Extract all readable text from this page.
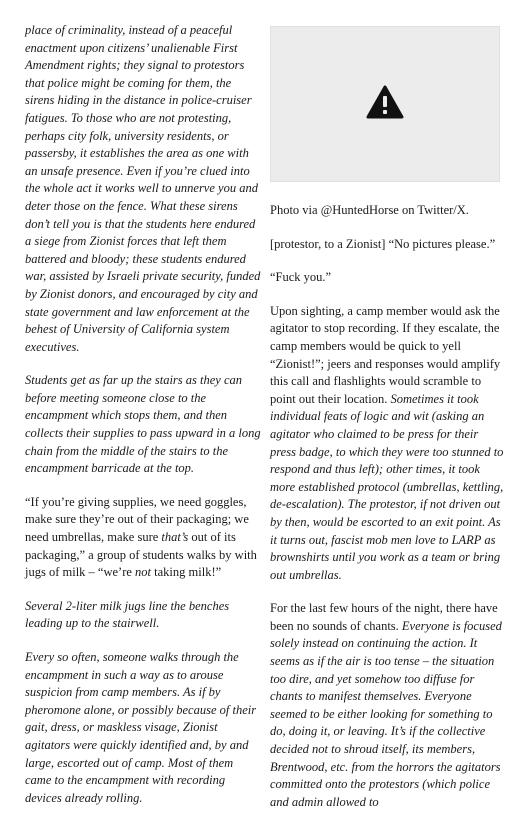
place of criminality, instead of a peaceful enactment upon citizens’ unalienable First Amendment rights; they signal to protestors that police might be coming for them, the sirens hiding in the distance in police-cruiser fatigues. To those who are not protesting, perhaps city folk, university residents, or passersby, it establishes the area as one with an unsafe presence. Even if you’re clued into the whole act it works well to unnerve you and deter those on the fence. What these sirens don’t tell you is that the students here endured a siege from Zionist forces that left them battered and bloody; these students endured war, assisted by Israeli private security, funded by Zionist donors, and encouraged by city and state government and law enforcement at the behest of University of California system executives.

Students get as far up the stairs as they can before meeting someone close to the encampment which stops them, and then collects their supplies to pass upward in a long chain from the middle of the stairs to the encampment barricade at the top.

“If you’re giving supplies, we need goggles, make sure they’re out of their packaging; we need umbrellas, make sure that’s out of its packaging,” a group of students walks by with jugs of milk – “we’re not taking milk!”

Several 2-liter milk jugs line the benches leading up to the stairwell.

Every so often, someone walks through the encampment in such a way as to arouse suspicion from camp members. As if by pheromone alone, or possibly because of their gait, dress, or maskless visage, Zionist agitators were quickly identified and, by and large, escorted out of camp. Most of them came to the encampment with recording devices already rolling.

Photo via @HuntedHorse on Twitter/X.

[protestor, to a Zionist] “No pictures please.”

“Fuck you.”

Upon sighting, a camp member would ask the agitator to stop recording. If they escalate, the camp members would be quick to yell “Zionist!”; jeers and responses would amplify this call and flashlights would scramble to point out their location. Sometimes it took individual feats of logic and wit (asking an agitator who claimed to be press for their press badge, to which they were too stunned to respond and thus left); other times, it took more established protocol (umbrellas, kettling, de-escalation). The protestor, if not driven out by then, would be escorted to an exit point. As it turns out, fascist mob men love to LARP as brownshirts until you work as a team or bring out umbrellas.

For the last few hours of the night, there have been no sounds of chants. Everyone is focused solely instead on continuing the action. It seems as if the air is too tense – the situation too dire, and yet somehow too diffuse for chants to manifest themselves. Everyone seemed to be either looking for something to do, doing it, or leaving. It’s if the collective decided not to shroud itself, its members, Brentwood, etc. from the horrors the agitators committed onto the protestors (which police and admin allowed to
